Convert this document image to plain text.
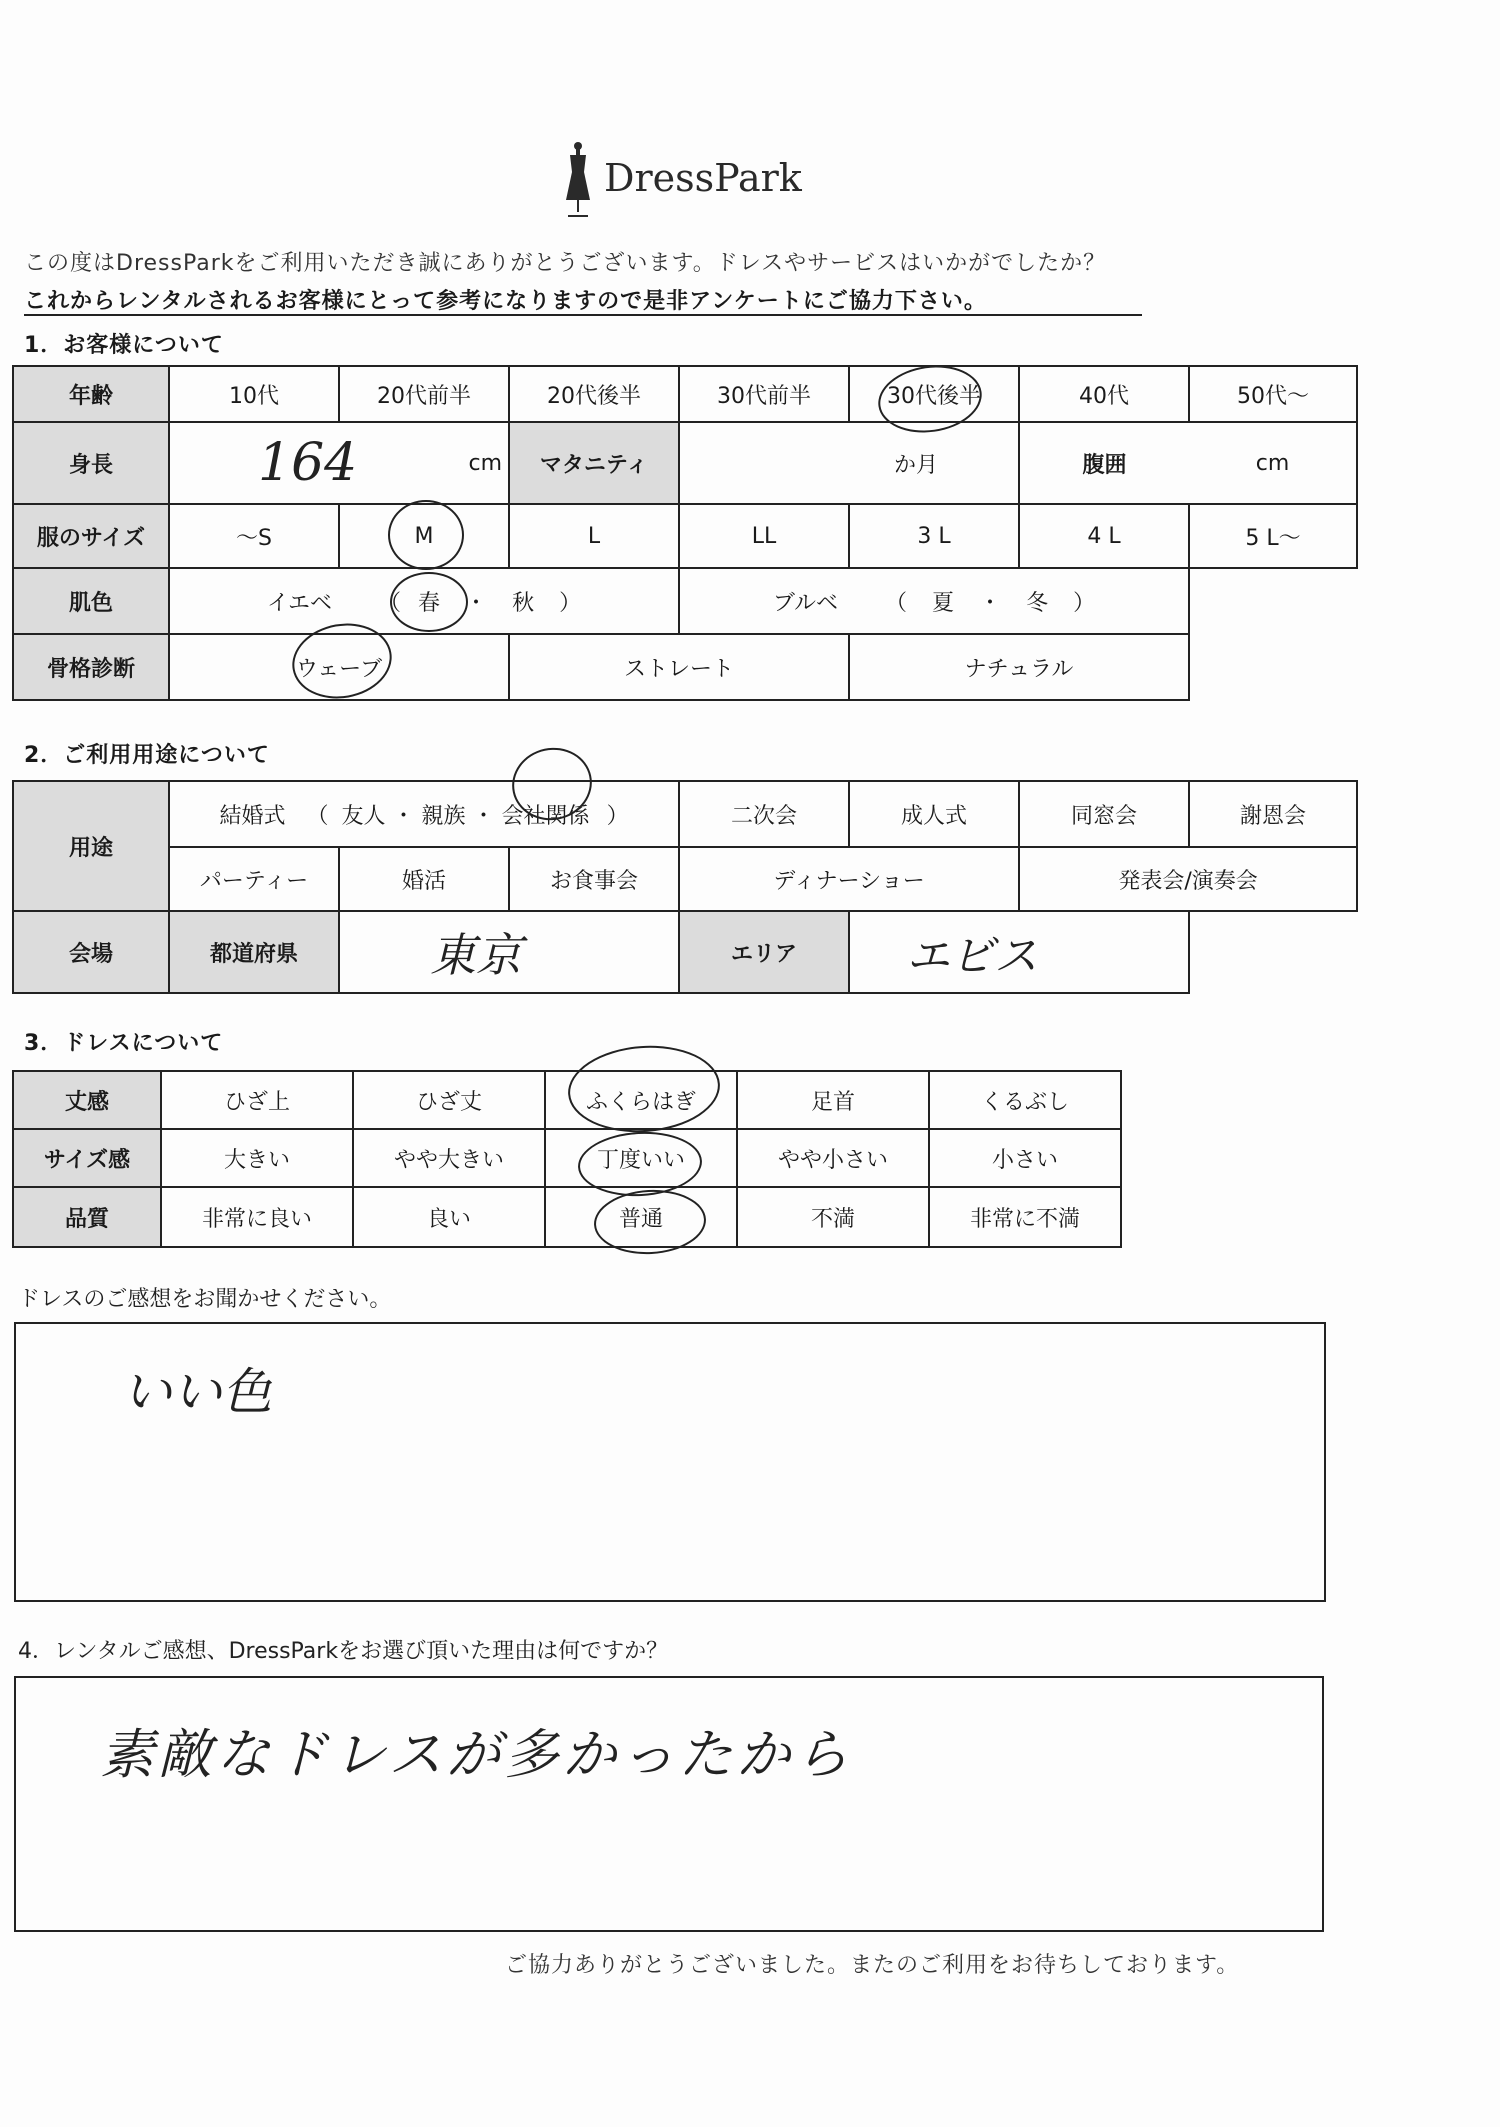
DressPark
この度はDressParkをご利用いただき誠にありがとうございます。ドレスやサービスはいかがでしたか？
これからレンタルされるお客様にとって参考になりますので是非アンケートにご協力下さい。
1．お客様について
年齢	10代	20代前半	20代後半	30代前半	30代後半	40代	50代～
身長	164 cm		マタニティ	か月		腹囲	cm
服のサイズ	～S	M	L	LL	3 L	4 L	5 L～
肌色	イエベ （ 春 ・ 秋 ）			ブルベ （ 夏 ・ 冬 ）			
骨格診断	ウェーブ		ストレート		ナチュラル		
2．ご利用用途について
用途	結婚式 （ 友人 ・ 親族 ・ 会社関係 ）			二次会	成人式	同窓会	謝恩会
	パーティー	婚活	お食事会	ディナーショー		発表会/演奏会	
会場	都道府県	東京		エリア	エビス		
3．ドレスについて
丈感	ひざ上	ひざ丈	ふくらはぎ	足首	くるぶし
サイズ感	大きい	やや大きい	丁度いい	やや小さい	小さい
品質	非常に良い	良い	普通	不満	非常に不満
ドレスのご感想をお聞かせください。
いい色
4．レンタルご感想、DressParkをお選び頂いた理由は何ですか？
素敵なドレスが多かったから
ご協力ありがとうございました。またのご利用をお待ちしております。
